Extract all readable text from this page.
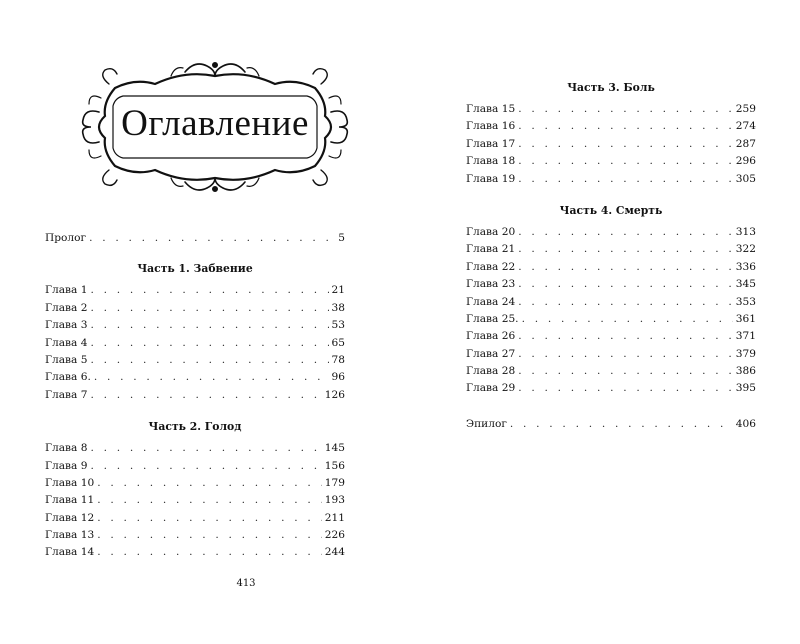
Оглавление
Пролог . . .	5
Часть 1. Забвение
Глава 1 . . .	21
Глава 2 . . .	38
Глава 3 . . .	53
Глава 4 . . .	65
Глава 5 . . .	78
Глава 6. . . .	96
Глава 7 . . .	126
Часть 2. Голод
Глава 8 . . .	145
Глава 9 . . .	156
Глава 10 . . .	179
Глава 11 . . .	193
Глава 12 . . .	211
Глава 13 . . .	226
Глава 14 . . .	244
413
Часть 3. Боль
Глава 15 . . .	259
Глава 16 . . .	274
Глава 17 . . .	287
Глава 18 . . .	296
Глава 19 . . .	305
Часть 4. Смерть
Глава 20 . . .	313
Глава 21 . . .	322
Глава 22 . . .	336
Глава 23 . . .	345
Глава 24 . . .	353
Глава 25. . . .	361
Глава 26 . . .	371
Глава 27 . . .	379
Глава 28 . . .	386
Глава 29 . . .	395
Эпилог . . .	406
